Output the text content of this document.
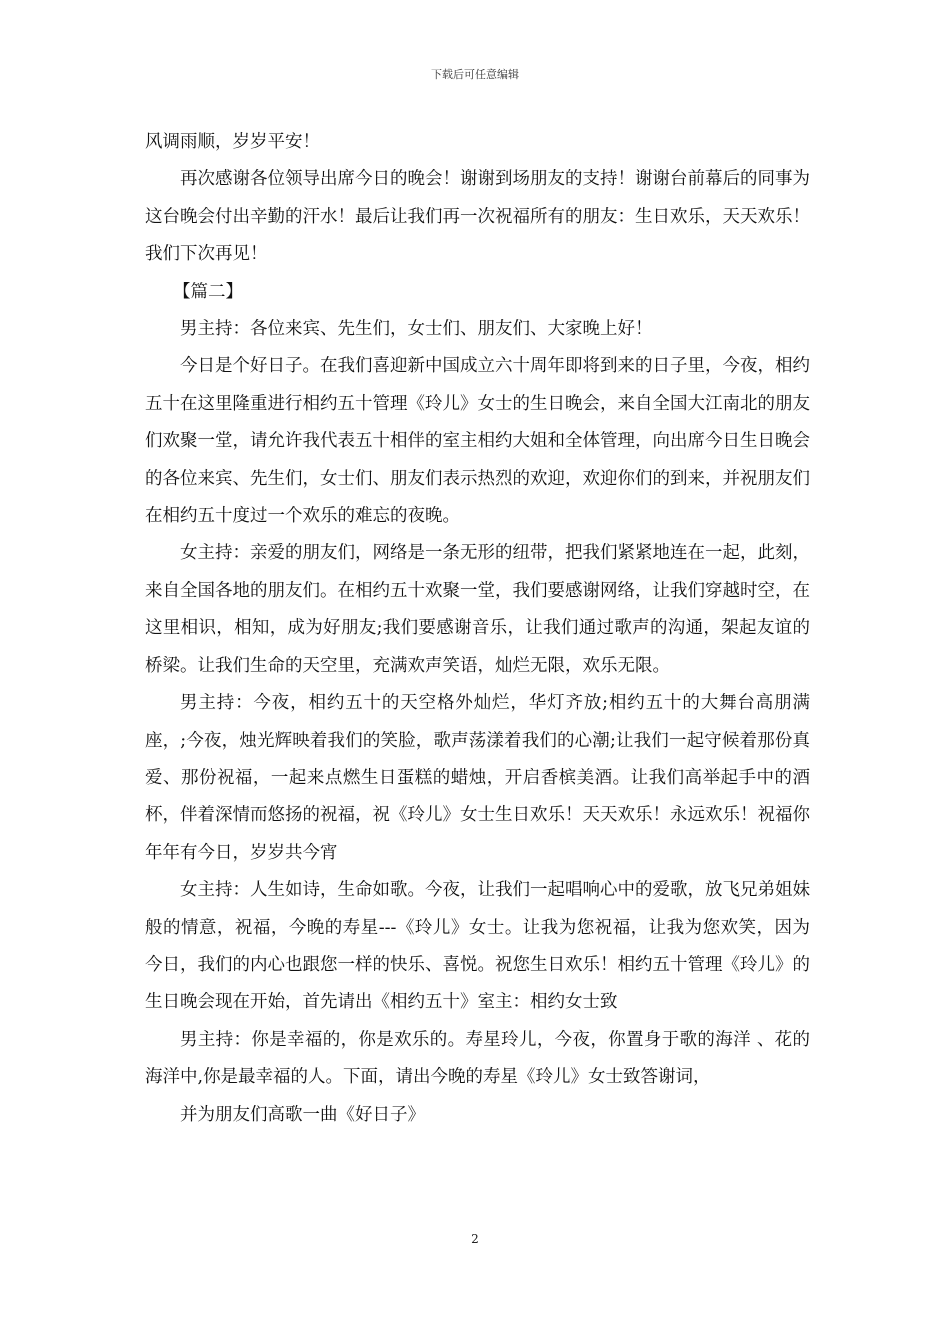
下载后可任意编辑

风调雨顺，岁岁平安！

再次感谢各位领导出席今日的晚会！谢谢到场朋友的支持！谢谢台前幕后的同事为这台晚会付出辛勤的汗水！最后让我们再一次祝福所有的朋友：生日欢乐，天天欢乐！我们下次再见！

【篇二】

男主持：各位来宾、先生们，女士们、朋友们、大家晚上好！

今日是个好日子。在我们喜迎新中国成立六十周年即将到来的日子里，今夜，相约五十在这里隆重进行相约五十管理《玲儿》女士的生日晚会，来自全国大江南北的朋友们欢聚一堂，请允许我代表五十相伴的室主相约大姐和全体管理，向出席今日生日晚会的各位来宾、先生们，女士们、朋友们表示热烈的欢迎，欢迎你们的到来，并祝朋友们在相约五十度过一个欢乐的难忘的夜晚。

女主持：亲爱的朋友们，网络是一条无形的纽带，把我们紧紧地连在一起，此刻，来自全国各地的朋友们。在相约五十欢聚一堂，我们要感谢网络，让我们穿越时空，在这里相识，相知，成为好朋友;我们要感谢音乐，让我们通过歌声的沟通，架起友谊的桥梁。让我们生命的天空里，充满欢声笑语，灿烂无限，欢乐无限。

男主持：今夜，相约五十的天空格外灿烂，华灯齐放;相约五十的大舞台高朋满座，;今夜，烛光辉映着我们的笑脸，歌声荡漾着我们的心潮;让我们一起守候着那份真爱、那份祝福，一起来点燃生日蛋糕的蜡烛，开启香槟美酒。让我们高举起手中的酒杯，伴着深情而悠扬的祝福，祝《玲儿》女士生日欢乐！天天欢乐！永远欢乐！祝福你年年有今日，岁岁共今宵

女主持：人生如诗，生命如歌。今夜，让我们一起唱响心中的爱歌，放飞兄弟姐妹般的情意，祝福，今晚的寿星---《玲儿》女士。让我为您祝福，让我为您欢笑，因为今日，我们的内心也跟您一样的快乐、喜悦。祝您生日欢乐！相约五十管理《玲儿》的生日晚会现在开始，首先请出《相约五十》室主：相约女士致

男主持：你是幸福的，你是欢乐的。寿星玲儿，今夜，你置身于歌的海洋 、花的海洋中,你是最幸福的人。下面，请出今晚的寿星《玲儿》女士致答谢词，

并为朋友们高歌一曲《好日子》

2
